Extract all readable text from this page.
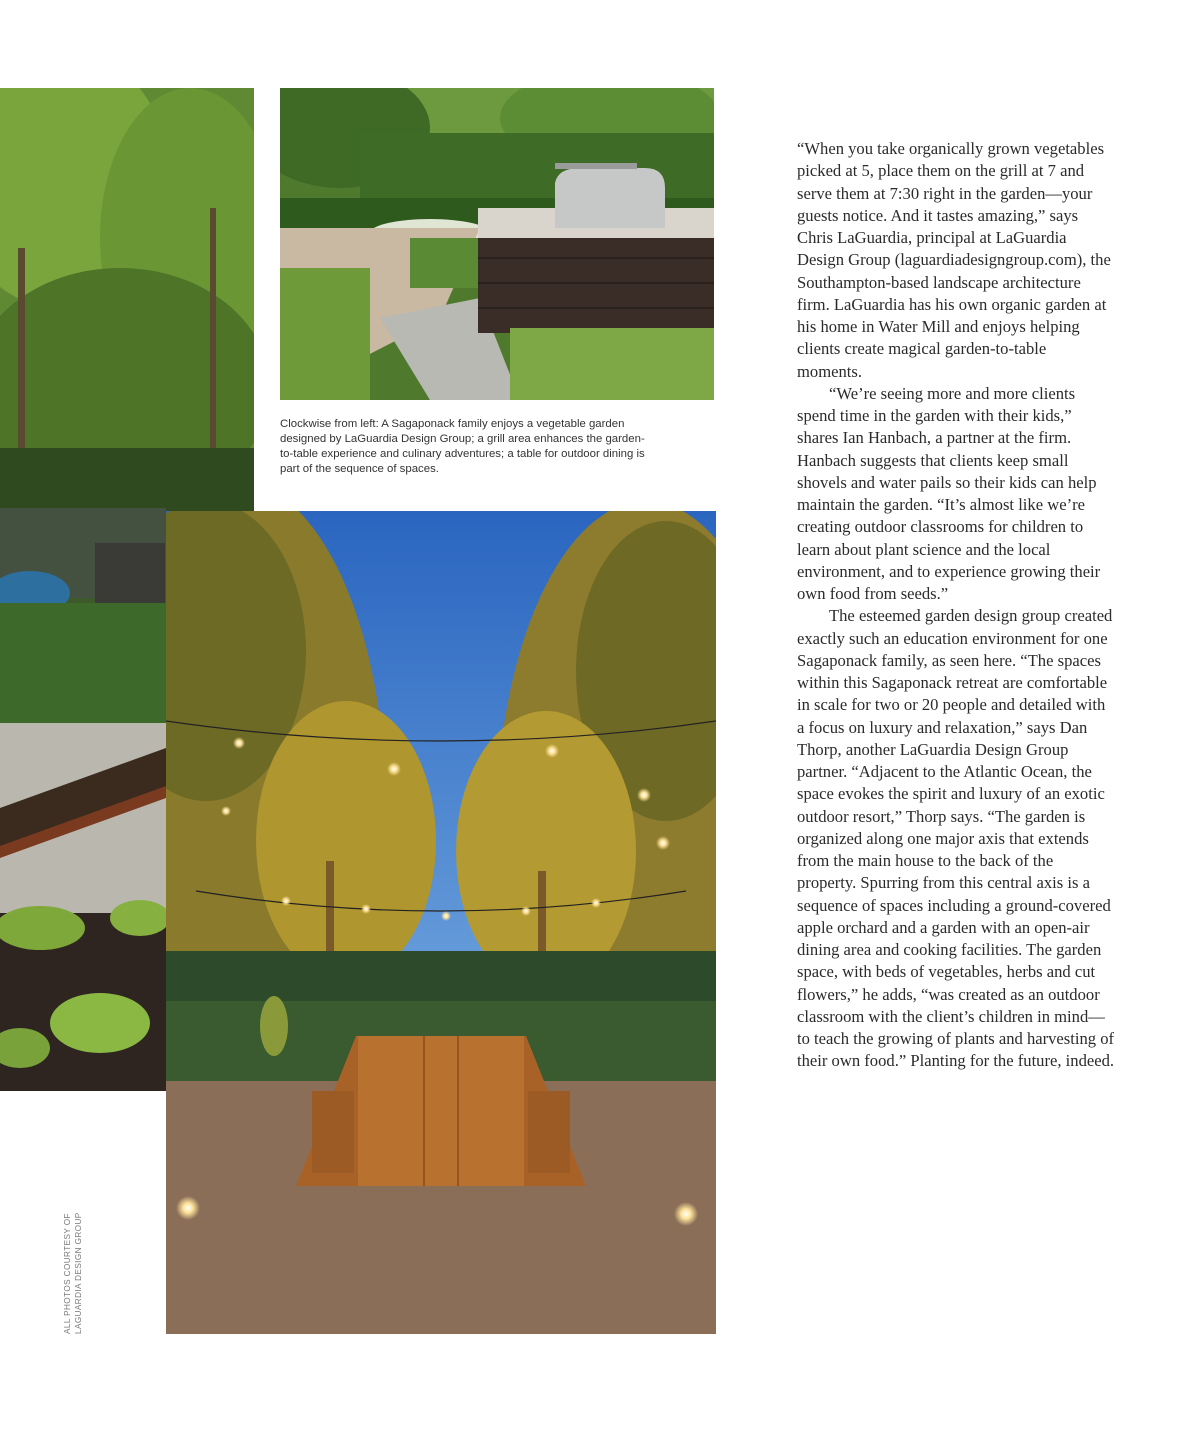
Clockwise from left: A Sagaponack family enjoys a vegetable garden designed by LaGuardia Design Group; a grill area enhances the garden-to-table experience and culinary adventures; a table for outdoor dining is part of the sequence of spaces.
ALL PHOTOS COURTESY OF LAGUARDIA DESIGN GROUP

“When you take organically grown vegetables picked at 5, place them on the grill at 7 and serve them at 7:30 right in the garden—your guests notice. And it tastes amazing,” says Chris LaGuardia, principal at LaGuardia Design Group (laguardiadesigngroup.com), the Southampton-based landscape architecture firm. LaGuardia has his own organic garden at his home in Water Mill and enjoys helping clients create magical garden-to-table moments.

“We’re seeing more and more clients spend time in the garden with their kids,” shares Ian Hanbach, a partner at the firm. Hanbach suggests that clients keep small shovels and water pails so their kids can help maintain the garden. “It’s almost like we’re creating outdoor classrooms for children to learn about plant science and the local environment, and to experience growing their own food from seeds.”

The esteemed garden design group created exactly such an education environment for one Sagaponack family, as seen here. “The spaces within this Sagaponack retreat are comfortable in scale for two or 20 people and detailed with a focus on luxury and relaxation,” says Dan Thorp, another LaGuardia Design Group partner. “Adjacent to the Atlantic Ocean, the space evokes the spirit and luxury of an exotic outdoor resort,” Thorp says. “The garden is organized along one major axis that extends from the main house to the back of the property. Spurring from this central axis is a sequence of spaces including a ground-covered apple orchard and a garden with an open-air dining area and cooking facilities. The garden space, with beds of vegetables, herbs and cut flowers,” he adds, “was created as an outdoor classroom with the client’s children in mind—to teach the growing of plants and harvesting of their own food.” Planting for the future, indeed.
